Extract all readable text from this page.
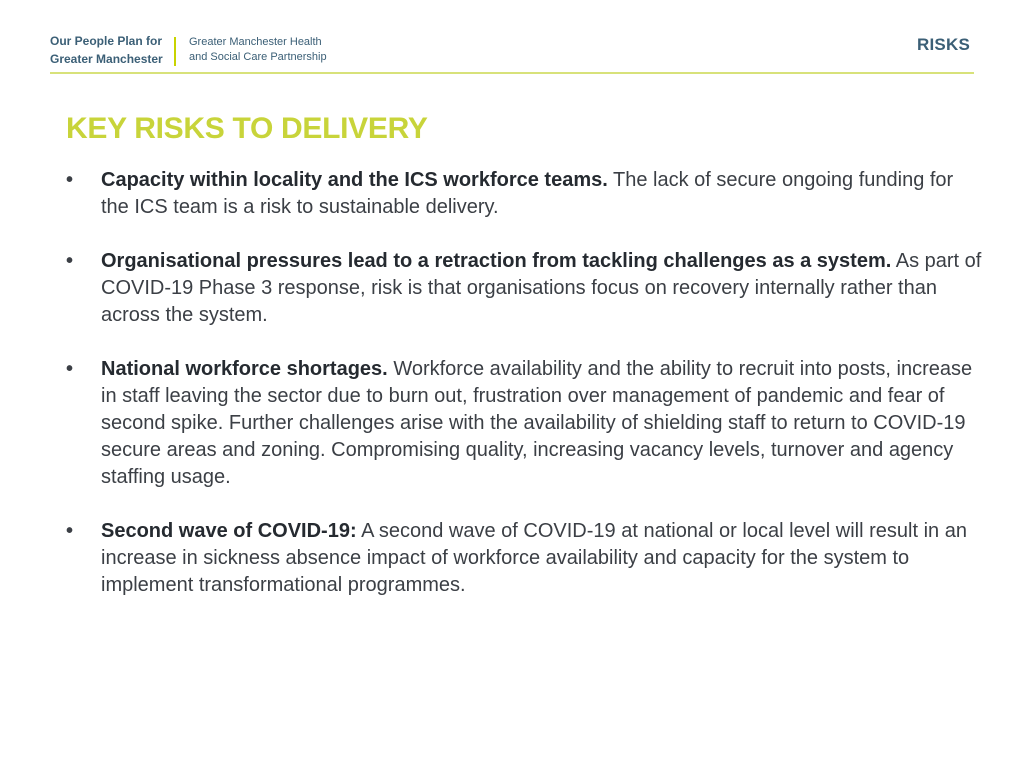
Our People Plan for
Greater Manchester
Greater Manchester Health
and Social Care Partnership
RISKS
KEY RISKS TO DELIVERY
• Capacity within locality and the ICS workforce teams. The lack of secure ongoing funding for the ICS team is a risk to sustainable delivery.
• Organisational pressures lead to a retraction from tackling challenges as a system. As part of COVID-19 Phase 3 response, risk is that organisations focus on recovery internally rather than across the system.
• National workforce shortages. Workforce availability and the ability to recruit into posts, increase in staff leaving the sector due to burn out, frustration over management of pandemic and fear of second spike. Further challenges arise with the availability of shielding staff to return to COVID-19 secure areas and zoning. Compromising quality, increasing vacancy levels, turnover and agency staffing usage.
• Second wave of COVID-19: A second wave of COVID-19 at national or local level will result in an increase in sickness absence impact of workforce availability and capacity for the system to implement transformational programmes.
